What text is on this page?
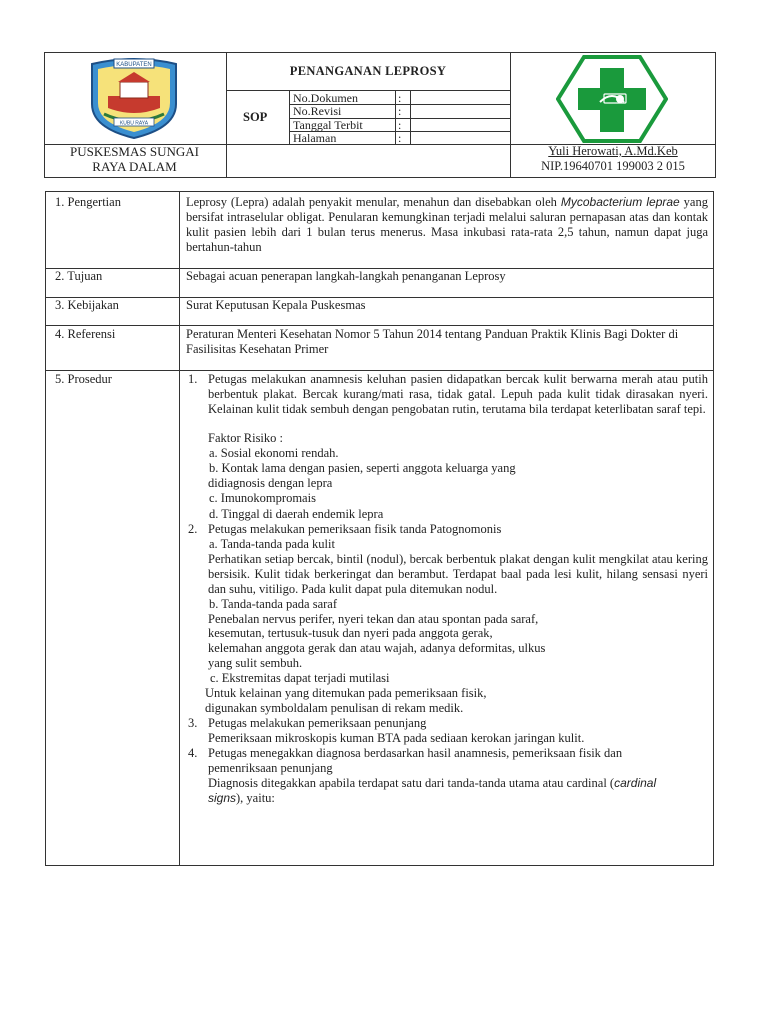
KABUPATEN
KUBU RAYA
PENANGANAN LEPROSY
SOP
No.Dokumen	:
No.Revisi	:
Tanggal Terbit	:
Halaman	:
PUSKESMAS SUNGAI RAYA DALAM
Yuli Herowati, A.Md.Keb
NIP.19640701 199003 2 015
1. Pengertian	Leprosy (Lepra) adalah penyakit menular, menahun dan disebabkan oleh Mycobacterium leprae yang bersifat intraselular obligat. Penularan kemungkinan terjadi melalui saluran pernapasan atas dan kontak kulit pasien lebih dari 1 bulan terus menerus. Masa inkubasi rata-rata 2,5 tahun, namun dapat juga bertahun-tahun
2. Tujuan	Sebagai acuan penerapan langkah-langkah penanganan Leprosy
3. Kebijakan	Surat Keputusan Kepala Puskesmas
4. Referensi	Peraturan Menteri Kesehatan Nomor 5 Tahun 2014 tentang Panduan Praktik Klinis Bagi Dokter di Fasilisitas Kesehatan Primer
5. Prosedur	1. Petugas melakukan anamnesis keluhan pasien didapatkan bercak kulit berwarna merah atau putih berbentuk plakat. Bercak kurang/mati rasa, tidak gatal. Lepuh pada kulit tidak dirasakan nyeri. Kelainan kulit tidak sembuh dengan pengobatan rutin, terutama bila terdapat keterlibatan saraf tepi.
Faktor Risiko :
a. Sosial ekonomi rendah.
b. Kontak lama dengan pasien, seperti anggota keluarga yang
didiagnosis dengan lepra
c. Imunokompromais
d. Tinggal di daerah endemik lepra
2. Petugas melakukan pemeriksaan fisik tanda Patognomonis
a. Tanda-tanda pada kulit
Perhatikan setiap bercak, bintil (nodul), bercak berbentuk plakat dengan kulit mengkilat atau kering bersisik. Kulit tidak berkeringat dan berambut. Terdapat baal pada lesi kulit, hilang sensasi nyeri dan suhu, vitiligo. Pada kulit dapat pula ditemukan nodul.
b. Tanda-tanda pada saraf
Penebalan nervus perifer, nyeri tekan dan atau spontan pada saraf,
kesemutan, tertusuk-tusuk dan nyeri pada anggota gerak,
kelemahan anggota gerak dan atau wajah, adanya deformitas, ulkus
yang sulit sembuh.
c. Ekstremitas dapat terjadi mutilasi
Untuk kelainan yang ditemukan pada pemeriksaan fisik,
digunakan symboldalam penulisan di rekam medik.
3. Petugas melakukan pemeriksaan penunjang
Pemeriksaan mikroskopis kuman BTA pada sediaan kerokan jaringan kulit.
4. Petugas menegakkan diagnosa berdasarkan hasil anamnesis, pemeriksaan fisik dan
pemenriksaan penunjang
Diagnosis ditegakkan apabila terdapat satu dari tanda-tanda utama atau cardinal (cardinal
signs), yaitu:
